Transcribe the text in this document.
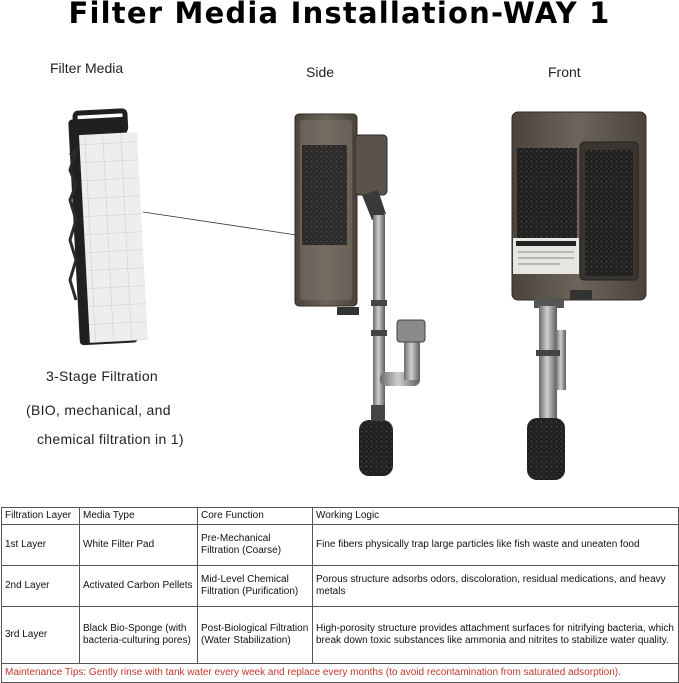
Filter Media Installation-WAY 1
Filter Media	Side	Front
3-Stage Filtration
(BIO, mechanical, and
chemical filtration in 1)
Filtration Layer	Media Type	Core Function	Working Logic
1st Layer	White Filter Pad	Pre-Mechanical Filtration (Coarse)	Fine fibers physically trap large particles like fish waste and uneaten food
2nd Layer	Activated Carbon Pellets	Mid-Level Chemical Filtration (Purification)	Porous structure adsorbs odors, discoloration, residual medications, and heavy metals
3rd Layer	Black Bio-Sponge (with bacteria-culturing pores)	Post-Biological Filtration (Water Stabilization)	High-porosity structure provides attachment surfaces for nitrifying bacteria, which break down toxic substances like ammonia and nitrites to stabilize water quality.
Maintenance Tips: Gently rinse with tank water every week and replace every months (to avoid recontamination from saturated adsorption).			
